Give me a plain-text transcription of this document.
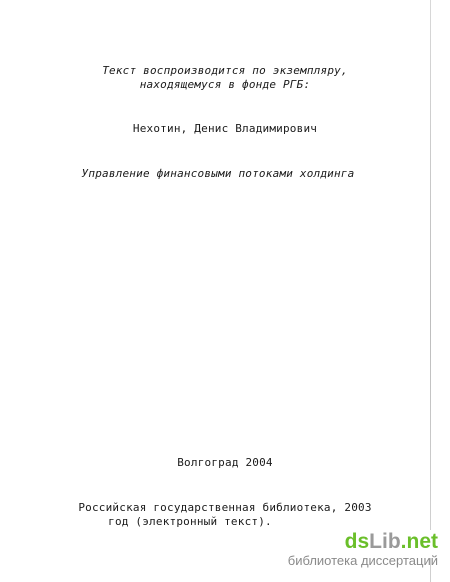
Текст воспроизводится по экземпляру,
находящемуся в фонде РГБ:
Нехотин, Денис Владимирович
Управление финансовыми потоками холдинга
Волгоград 2004
Российская государственная библиотека, 2003
год (электронный текст).
dsLib.net
библиотека диссертаций
